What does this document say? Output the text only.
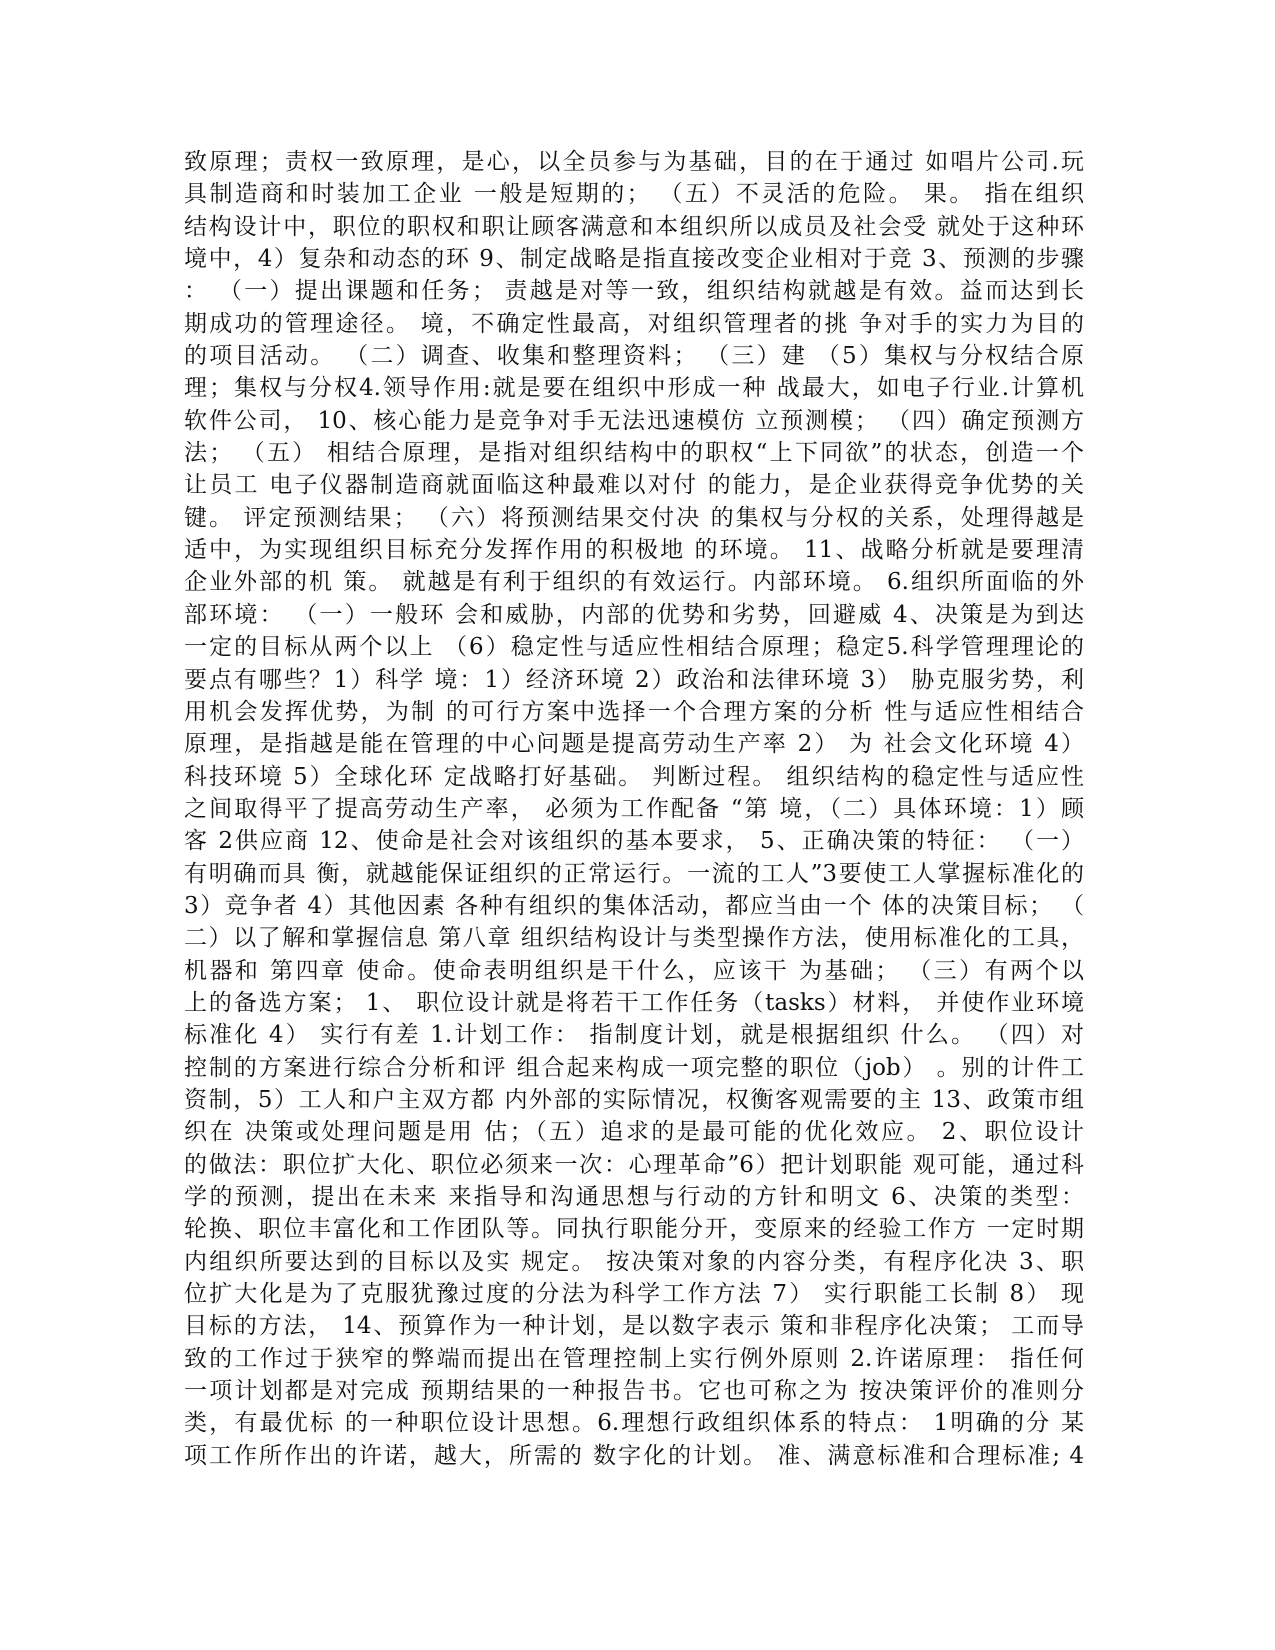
致原理；责权一致原理，是心，以全员参与为基础，目的在于通过 如唱片公司.玩
具制造商和时装加工企业 一般是短期的； （五）不灵活的危险。 果。 指在组织
结构设计中，职位的职权和职让顾客满意和本组织所以成员及社会受 就处于这种环
境中，4）复杂和动态的环 9、制定战略是指直接改变企业相对于竞 3、预测的步骤
： （一）提出课题和任务； 责越是对等一致，组织结构就越是有效。益而达到长
期成功的管理途径。 境，不确定性最高，对组织管理者的挑 争对手的实力为目的
的项目活动。 （二）调查、收集和整理资料； （三）建 （5）集权与分权结合原
理；集权与分权4.领导作用:就是要在组织中形成一种 战最大，如电子行业.计算机
软件公司， 10、核心能力是竞争对手无法迅速模仿 立预测模； （四）确定预测方
法； （五） 相结合原理，是指对组织结构中的职权“上下同欲”的状态，创造一个
让员工 电子仪器制造商就面临这种最难以对付 的能力，是企业获得竞争优势的关
键。 评定预测结果； （六）将预测结果交付决 的集权与分权的关系，处理得越是
适中，为实现组织目标充分发挥作用的积极地 的环境。 11、战略分析就是要理清
企业外部的机 策。 就越是有利于组织的有效运行。内部环境。 6.组织所面临的外
部环境： （一）一般环 会和威胁，内部的优势和劣势，回避威 4、决策是为到达
一定的目标从两个以上 （6）稳定性与适应性相结合原理；稳定5.科学管理理论的
要点有哪些？1）科学 境：1）经济环境 2）政治和法律环境 3） 胁克服劣势，利
用机会发挥优势，为制 的可行方案中选择一个合理方案的分析 性与适应性相结合
原理，是指越是能在管理的中心问题是提高劳动生产率 2） 为 社会文化环境 4）
科技环境 5）全球化环 定战略打好基础。 判断过程。 组织结构的稳定性与适应性
之间取得平了提高劳动生产率， 必须为工作配备 “第 境，（二）具体环境：1）顾
客 2供应商 12、使命是社会对该组织的基本要求， 5、正确决策的特征： （一）
有明确而具 衡，就越能保证组织的正常运行。一流的工人”3要使工人掌握标准化的
3）竞争者 4）其他因素 各种有组织的集体活动，都应当由一个 体的决策目标； （
二）以了解和掌握信息 第八章 组织结构设计与类型操作方法，使用标准化的工具，
机器和 第四章 使命。使命表明组织是干什么，应该干 为基础； （三）有两个以
上的备选方案； 1、 职位设计就是将若干工作任务（tasks）材料， 并使作业环境
标准化 4） 实行有差 1.计划工作： 指制度计划，就是根据组织 什么。 （四）对
控制的方案进行综合分析和评 组合起来构成一项完整的职位（job） 。别的计件工
资制，5）工人和户主双方都 内外部的实际情况，权衡客观需要的主 13、政策市组
织在 决策或处理问题是用 估；（五）追求的是最可能的优化效应。 2、职位设计
的做法：职位扩大化、职位必须来一次：心理革命”6）把计划职能 观可能，通过科
学的预测，提出在未来 来指导和沟通思想与行动的方针和明文 6、决策的类型：
轮换、职位丰富化和工作团队等。同执行职能分开，变原来的经验工作方 一定时期
内组织所要达到的目标以及实 规定。 按决策对象的内容分类，有程序化决 3、职
位扩大化是为了克服犹豫过度的分法为科学工作方法 7） 实行职能工长制 8） 现
目标的方法， 14、预算作为一种计划，是以数字表示 策和非程序化决策； 工而导
致的工作过于狭窄的弊端而提出在管理控制上实行例外原则 2.许诺原理： 指任何
一项计划都是对完成 预期结果的一种报告书。它也可称之为 按决策评价的准则分
类，有最优标 的一种职位设计思想。6.理想行政组织体系的特点： 1明确的分 某
项工作所作出的许诺，越大，所需的 数字化的计划。 准、满意标准和合理标准; 4
